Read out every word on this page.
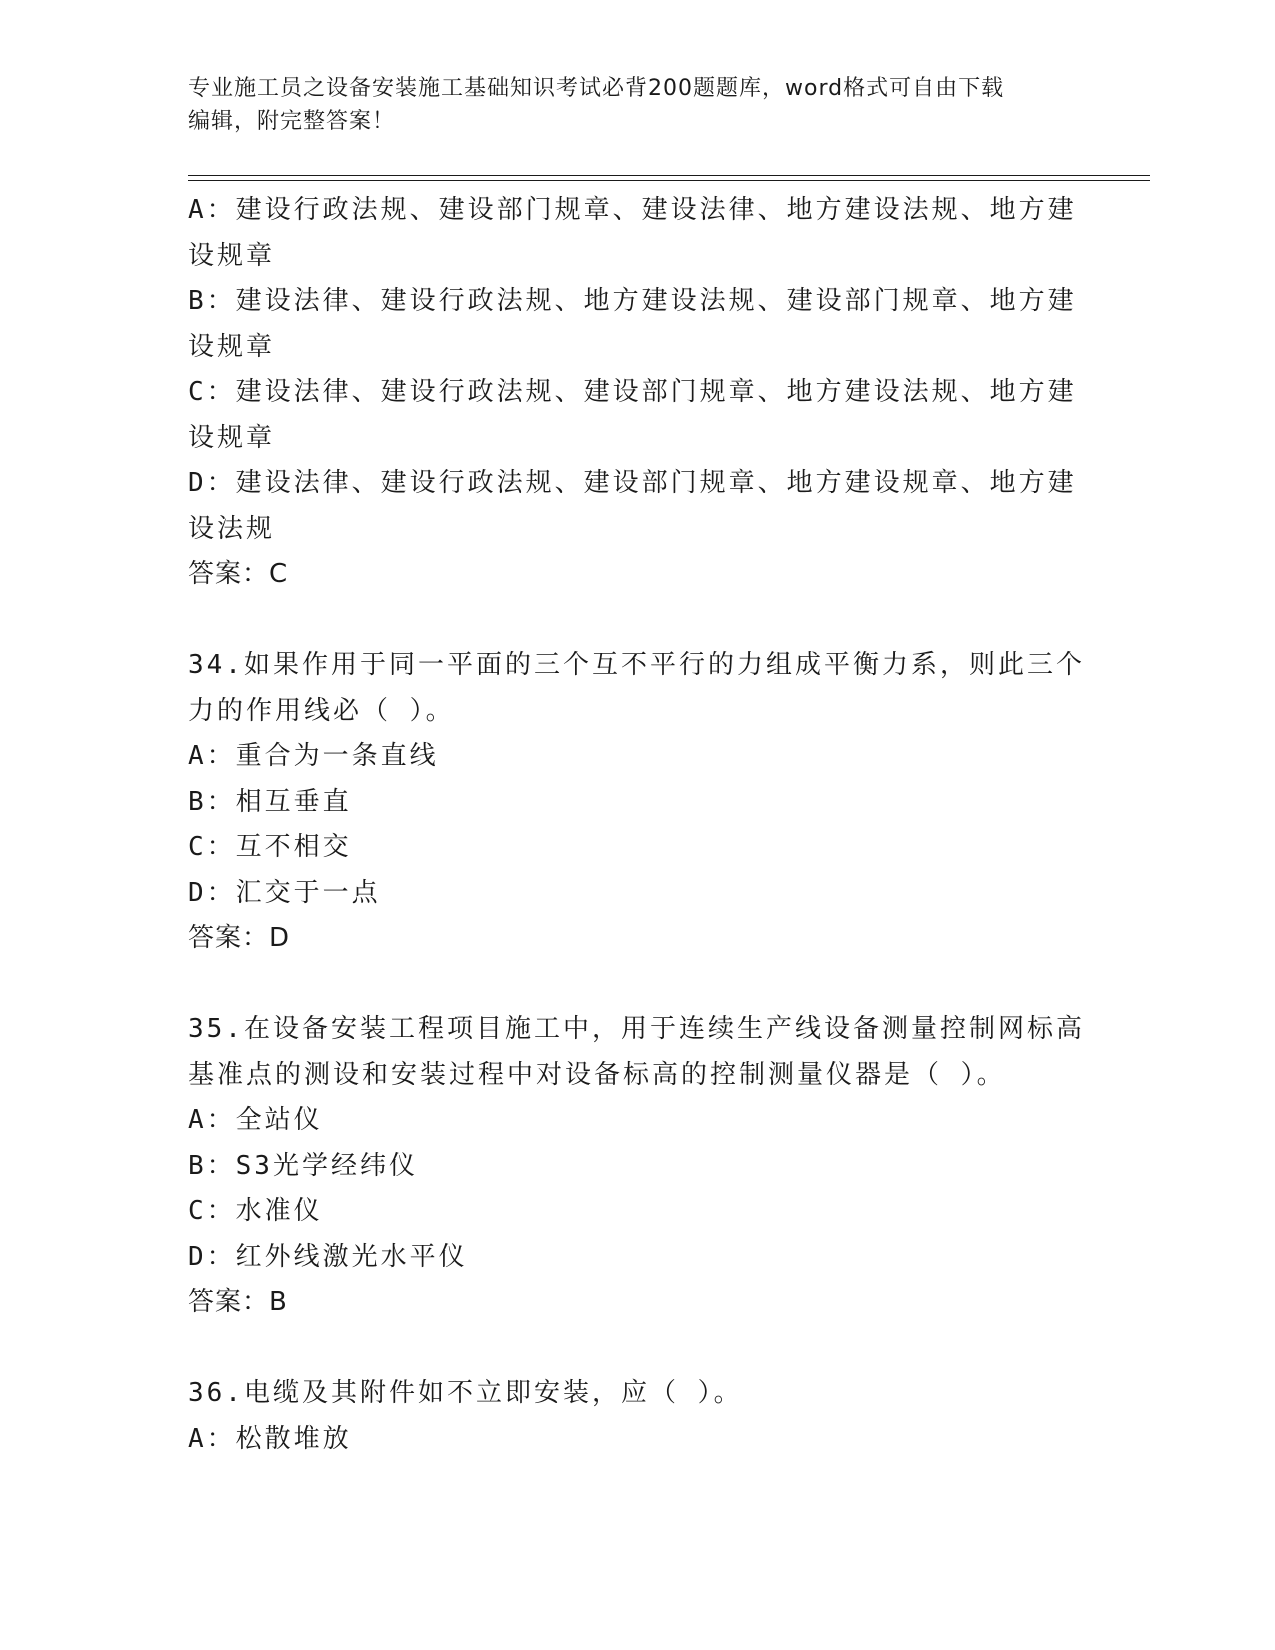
专业施工员之设备安装施工基础知识考试必背200题题库，word格式可自由下载
编辑，附完整答案！
A：建设行政法规、建设部门规章、建设法律、地方建设法规、地方建
设规章
B：建设法律、建设行政法规、地方建设法规、建设部门规章、地方建
设规章
C：建设法律、建设行政法规、建设部门规章、地方建设法规、地方建
设规章
D：建设法律、建设行政法规、建设部门规章、地方建设规章、地方建
设法规
答案：C
34.如果作用于同一平面的三个互不平行的力组成平衡力系，则此三个
力的作用线必（ ）。
A：重合为一条直线
B：相互垂直
C：互不相交
D：汇交于一点
答案：D
35.在设备安装工程项目施工中，用于连续生产线设备测量控制网标高
基准点的测设和安装过程中对设备标高的控制测量仪器是（ ）。
A：全站仪
B：S3光学经纬仪
C：水准仪
D：红外线激光水平仪
答案：B
36.电缆及其附件如不立即安装，应（ ）。
A：松散堆放
